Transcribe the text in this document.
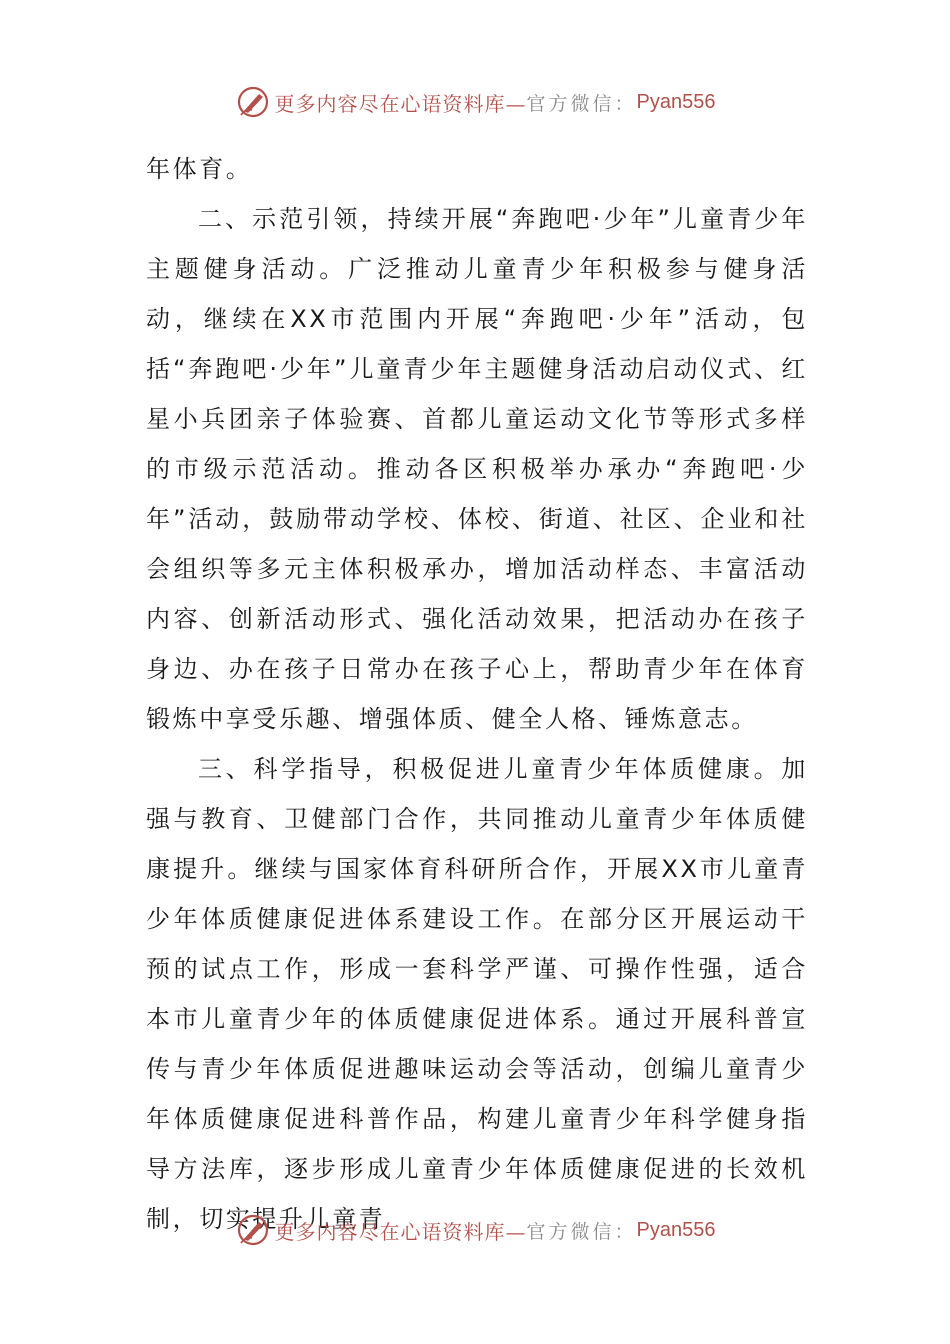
更多内容尽在心语资料库— 官方微信： Pyan556

年体育。

二、示范引领，持续开展“奔跑吧·少年”儿童青少年主题健身活动。广泛推动儿童青少年积极参与健身活动，继续在XX市范围内开展“奔跑吧·少年”活动，包括“奔跑吧·少年”儿童青少年主题健身活动启动仪式、红星小兵团亲子体验赛、首都儿童运动文化节等形式多样的市级示范活动。推动各区积极举办承办“奔跑吧·少年”活动，鼓励带动学校、体校、街道、社区、企业和社会组织等多元主体积极承办，增加活动样态、丰富活动内容、创新活动形式、强化活动效果，把活动办在孩子身边、办在孩子日常办在孩子心上，帮助青少年在体育锻炼中享受乐趣、增强体质、健全人格、锤炼意志。

三、科学指导，积极促进儿童青少年体质健康。加强与教育、卫健部门合作，共同推动儿童青少年体质健康提升。继续与国家体育科研所合作，开展XX市儿童青少年体质健康促进体系建设工作。在部分区开展运动干预的试点工作，形成一套科学严谨、可操作性强，适合本市儿童青少年的体质健康促进体系。通过开展科普宣传与青少年体质促进趣味运动会等活动，创编儿童青少年体质健康促进科普作品，构建儿童青少年科学健身指导方法库，逐步形成儿童青少年体质健康促进的长效机制，切实提升儿童青

更多内容尽在心语资料库— 官方微信： Pyan556
